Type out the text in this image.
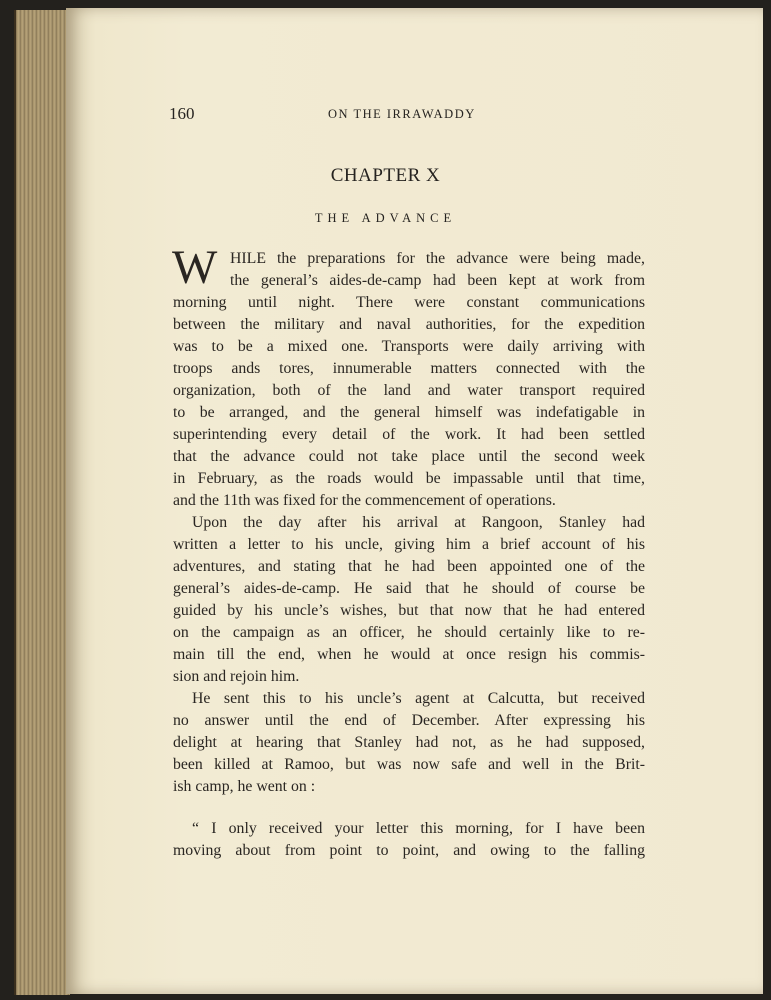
160	ON THE IRRAWADDY
CHAPTER X
THE ADVANCE
W HILE the preparations for the advance were being made,
the general’s aides-de-camp had been kept at work from
morning until night. There were constant communications
between the military and naval authorities, for the expedition
was to be a mixed one. Transports were daily arriving with
troops ands tores, innumerable matters connected with the
organization, both of the land and water transport required
to be arranged, and the general himself was indefatigable in
superintending every detail of the work. It had been settled
that the advance could not take place until the second week
in February, as the roads would be impassable until that time,
and the 11th was fixed for the commencement of operations.
Upon the day after his arrival at Rangoon, Stanley had
written a letter to his uncle, giving him a brief account of his
adventures, and stating that he had been appointed one of the
general’s aides-de-camp. He said that he should of course be
guided by his uncle’s wishes, but that now that he had entered
on the campaign as an officer, he should certainly like to re-
main till the end, when he would at once resign his commis-
sion and rejoin him.
He sent this to his uncle’s agent at Calcutta, but received
no answer until the end of December. After expressing his
delight at hearing that Stanley had not, as he had supposed,
been killed at Ramoo, but was now safe and well in the Brit-
ish camp, he went on :
“ I only received your letter this morning, for I have been
moving about from point to point, and owing to the falling
